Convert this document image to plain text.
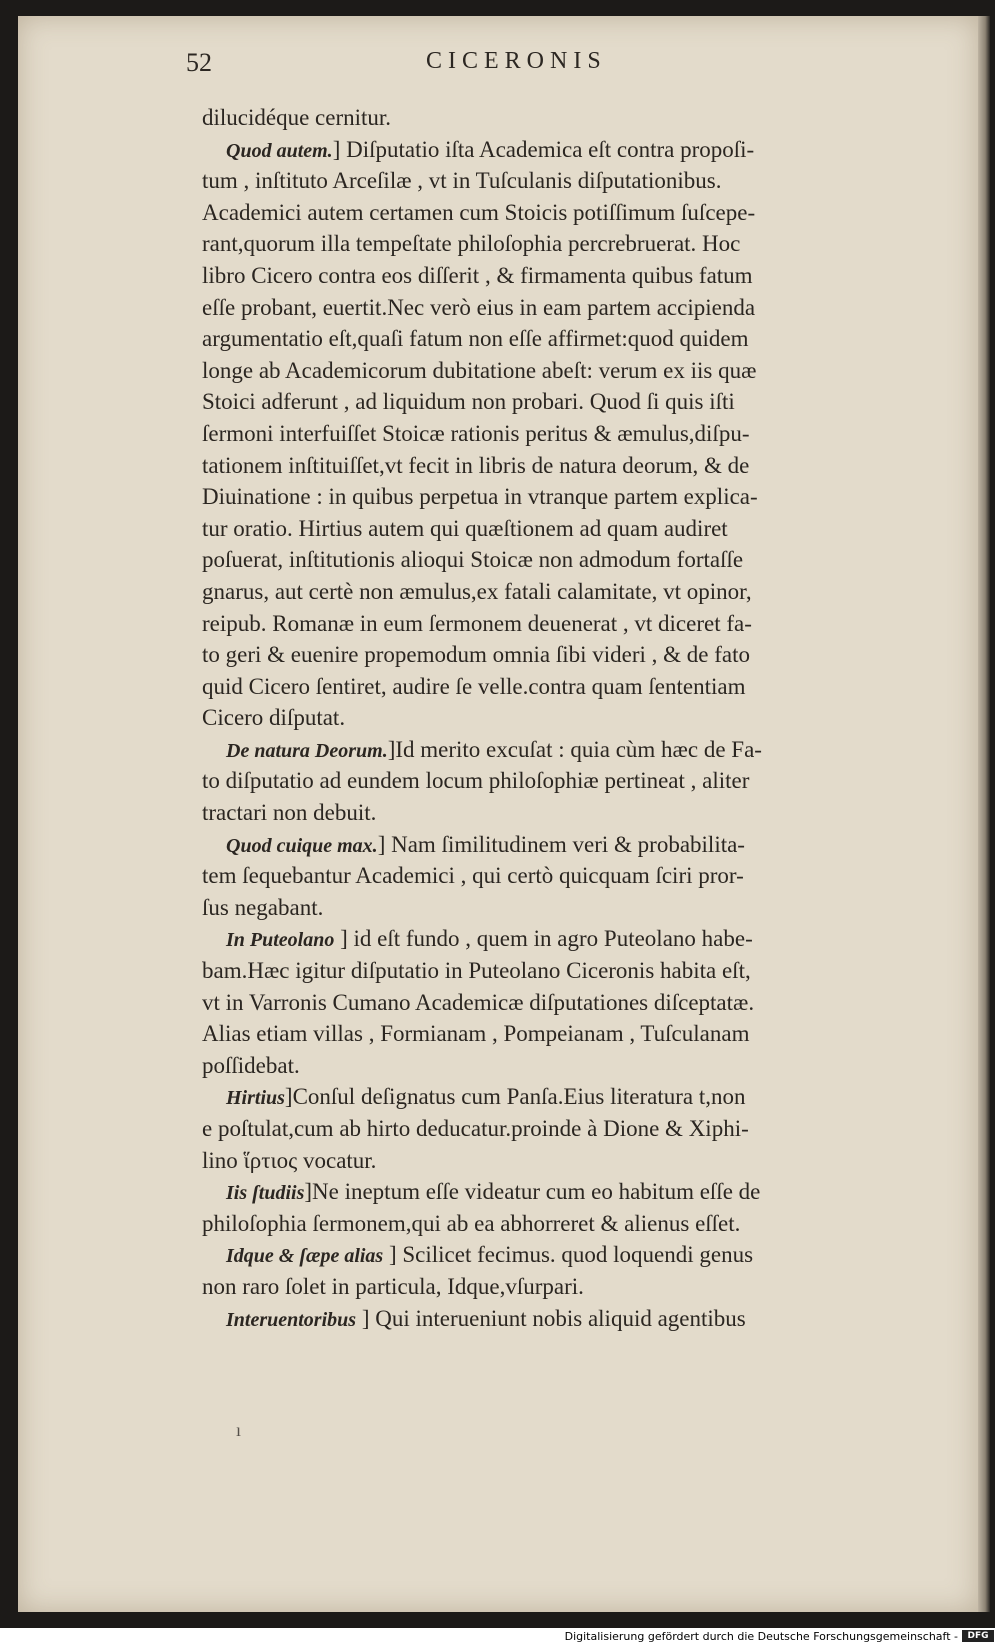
52	CICERONIS
dilucidéque cernitur.
Quod autem.] Diſputatio iſta Academica eſt contra propoſi-
tum , inſtituto Arceſilæ , vt in Tuſculanis diſputationibus.
Academici autem certamen cum Stoicis potiſſimum ſuſcepe-
rant,quorum illa tempeſtate philoſophia percrebruerat. Hoc
libro Cicero contra eos diſſerit , & firmamenta quibus fatum
eſſe probant, euertit.Nec verò eius in eam partem accipienda
argumentatio eſt,quaſi fatum non eſſe affirmet:quod quidem
longe ab Academicorum dubitatione abeſt: verum ex iis quæ
Stoici adferunt , ad liquidum non probari. Quod ſi quis iſti
ſermoni interfuiſſet Stoicæ rationis peritus & æmulus,diſpu-
tationem inſtituiſſet,vt fecit in libris de natura deorum, & de
Diuinatione : in quibus perpetua in vtranque partem explica-
tur oratio. Hirtius autem qui quæſtionem ad quam audiret
poſuerat, inſtitutionis alioqui Stoicæ non admodum fortaſſe
gnarus, aut certè non æmulus,ex fatali calamitate, vt opinor,
reipub. Romanæ in eum ſermonem deuenerat , vt diceret fa-
to geri & euenire propemodum omnia ſibi videri , & de fato
quid Cicero ſentiret, audire ſe velle.contra quam ſententiam
Cicero diſputat.
De natura Deorum.]Id merito excuſat : quia cùm hæc de Fa-
to diſputatio ad eundem locum philoſophiæ pertineat , aliter
tractari non debuit.
Quod cuique max.] Nam ſimilitudinem veri & probabilita-
tem ſequebantur Academici , qui certò quicquam ſciri pror-
ſus negabant.
In Puteolano ] id eſt fundo , quem in agro Puteolano habe-
bam.Hæc igitur diſputatio in Puteolano Ciceronis habita eſt,
vt in Varronis Cumano Academicæ diſputationes diſceptatæ.
Alias etiam villas , Formianam , Pompeianam , Tuſculanam
poſſidebat.
Hirtius]Conſul deſignatus cum Panſa.Eius literatura t,non
e poſtulat,cum ab hirto deducatur.proinde à Dione & Xiphi-
lino ἵρτιος vocatur.
Iis ſtudiis]Ne ineptum eſſe videatur cum eo habitum eſſe de
philoſophia ſermonem,qui ab ea abhorreret & alienus eſſet.
Idque & ſæpe alias ] Scilicet fecimus. quod loquendi genus
non raro ſolet in particula, Idque,vſurpari.
Interuentoribus ] Qui interueniunt nobis aliquid agentibus
ı
Digitalisierung gefördert durch die Deutsche Forschungsgemeinschaft -	DFG
